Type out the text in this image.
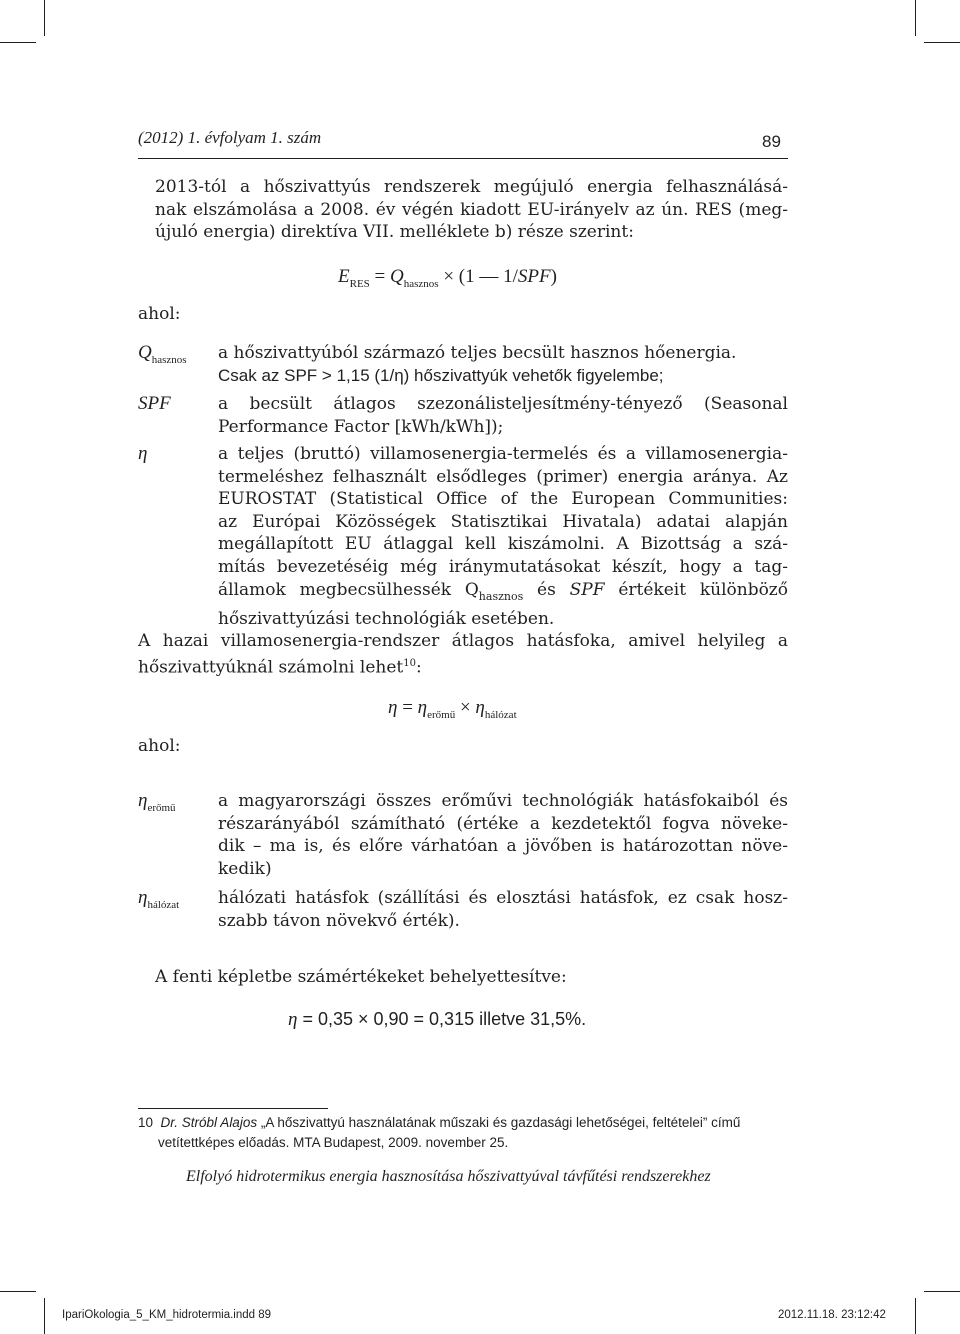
(2012) 1. évfolyam 1. szám	89
2013-tól a hőszivattyús rendszerek megújuló energia felhasználásá-
nak elszámolása a 2008. év végén kiadott EU-irányelv az ún. RES (meg-
újuló energia) direktíva VII. melléklete b) része szerint:
$E_{RES} = Q_{hasznos} \times (1$ — 1/SPF)
ahol:
$Q_{hasznos}$ a hőszivattyúból származó teljes becsült hasznos hőenergia.
Csak az SPF > 1,15 (1/η) hőszivattyúk vehetők figyelembe;
SPF	a becsült átlagos szezonálisteljesítmény-tényező (Seasonal
Performance Factor [kWh/kWh]);
η	a teljes (bruttó) villamosenergia-termelés és a villamosenergia-
termeléshez felhasznált elsődleges (primer) energia aránya. Az
EUROSTAT (Statistical Office of the European Communities:
az Európai Közösségek Statisztikai Hivatala) adatai alapján
megállapított EU átlaggal kell kiszámolni. A Bizottság a szá-
mítás bevezetéséig még iránymutatásokat készít, hogy a tag-
államok megbecsülhessék $Q_{hasznos}$ és SPF értékeit különböző
hőszivattyúzási technológiák esetében.
A hazai villamosenergia-rendszer átlagos hatásfoka, amivel helyileg a
hőszivattyúknál számolni lehet$^{10}$:
$\eta = \eta_{erőmű} \times \eta_{hálózat}$
ahol:
$\eta_{erőmű}$ a magyarországi összes erőművi technológiák hatásfokaiból és
részarányából számítható (értéke a kezdetektől fogva növeke-
dik – ma is, és előre várhatóan a jövőben is határozottan növe-
kedik)
$\eta_{hálózat}$ hálózati hatásfok (szállítási és elosztási hatásfok, ez csak hosz-
szabb távon növekvő érték).
A fenti képletbe számértékeket behelyettesítve:
η = 0,35 × 0,90 = 0,315 illetve 31,5%.
10 Dr. Stróbl Alajos „A hőszivattyú használatának műszaki és gazdasági lehetőségei, feltételei” című
vetítettképes előadás. MTA Budapest, 2009. november 25.
Elfolyó hidrotermikus energia hasznosítása hőszivattyúval távfűtési rendszerekhez
IpariOkologia_5_KM_hidrotermia.indd 89	2012.11.18. 23:12:42
